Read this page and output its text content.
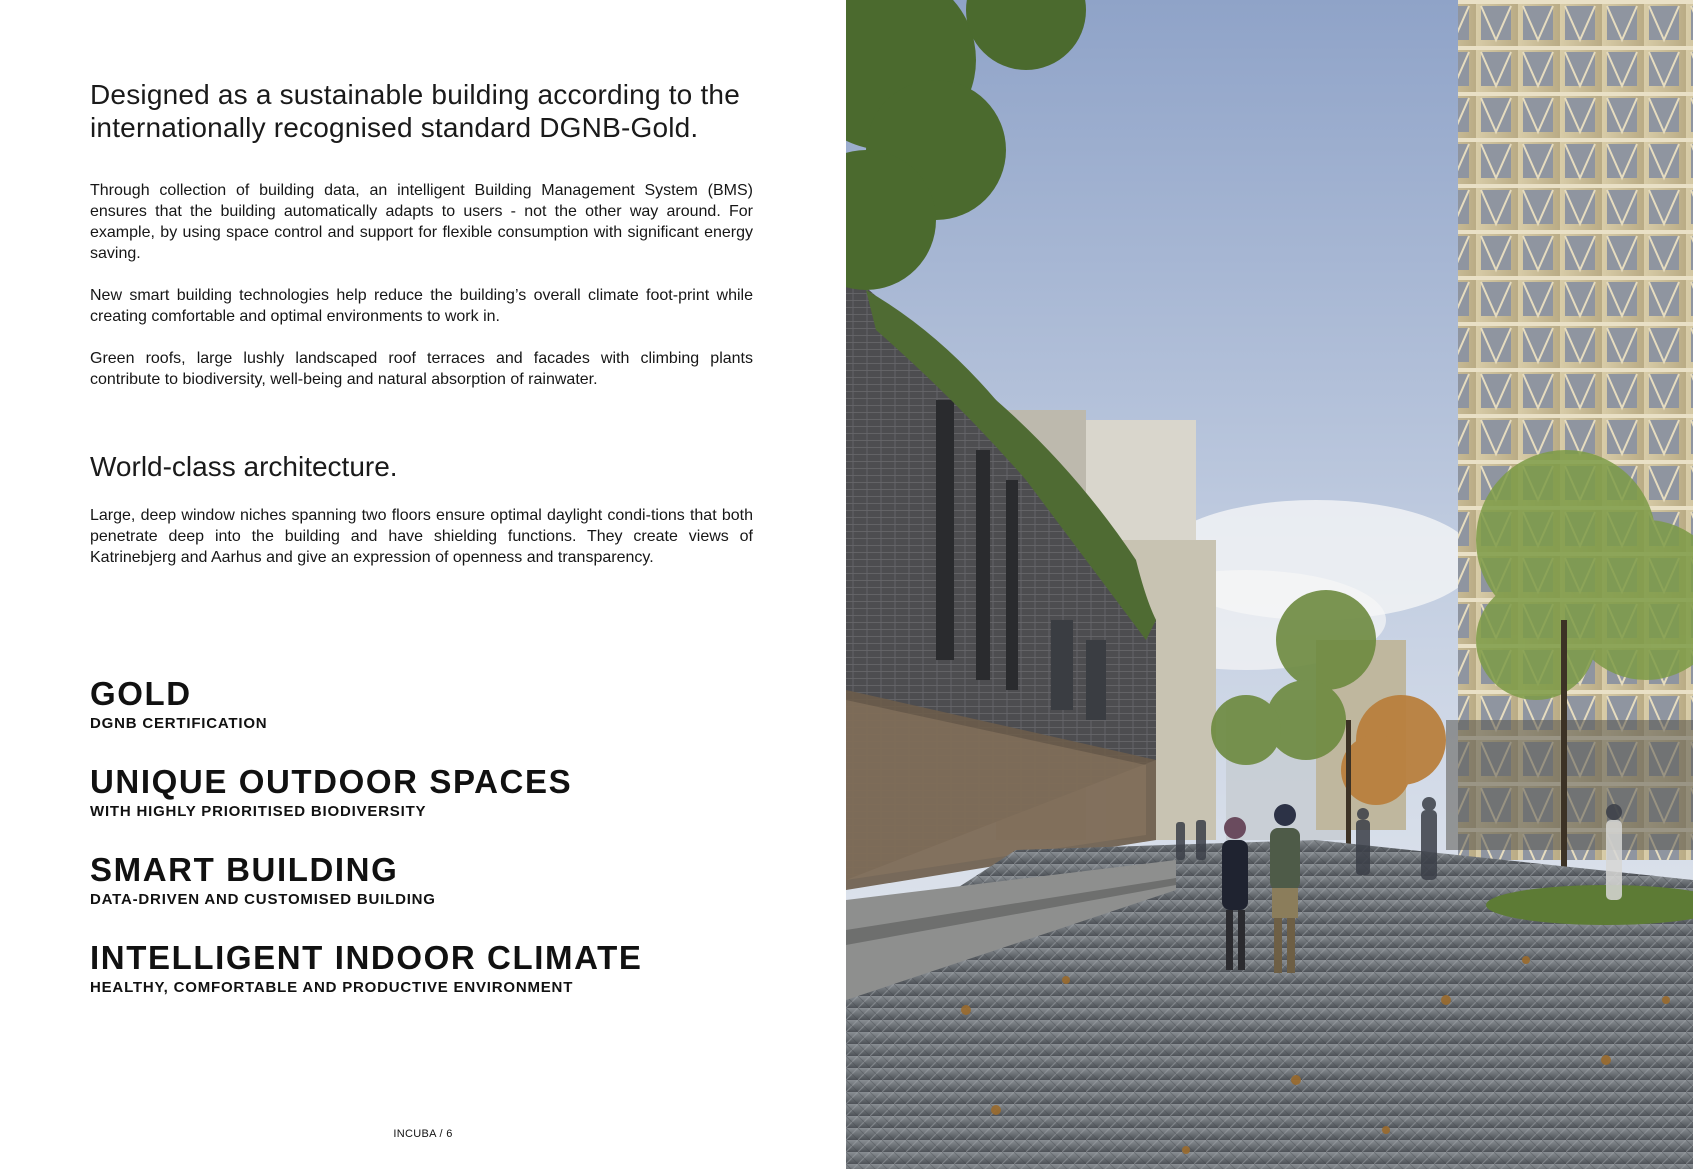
Designed as a sustainable building according to the internationally recognised standard DGNB-Gold.

Through collection of building data, an intelligent Building Management System (BMS) ensures that the building automatically adapts to users - not the other way around. For example, by using space control and support for flexible consumption with significant energy saving.

New smart building technologies help reduce the building’s overall climate foot-print while creating comfortable and optimal environments to work in.

Green roofs, large lushly landscaped roof terraces and facades with climbing plants contribute to biodiversity, well-being and natural absorption of rainwater.

World-class architecture.

Large, deep window niches spanning two floors ensure optimal daylight condi-tions that both penetrate deep into the building and have shielding functions. They create views of Katrinebjerg and Aarhus and give an expression of openness and transparency.

GOLD

DGNB CERTIFICATION

UNIQUE OUTDOOR SPACES

WITH HIGHLY PRIORITISED BIODIVERSITY

SMART BUILDING

DATA-DRIVEN AND CUSTOMISED BUILDING

INTELLIGENT INDOOR CLIMATE

HEALTHY, COMFORTABLE AND PRODUCTIVE ENVIRONMENT

INCUBA / 6
